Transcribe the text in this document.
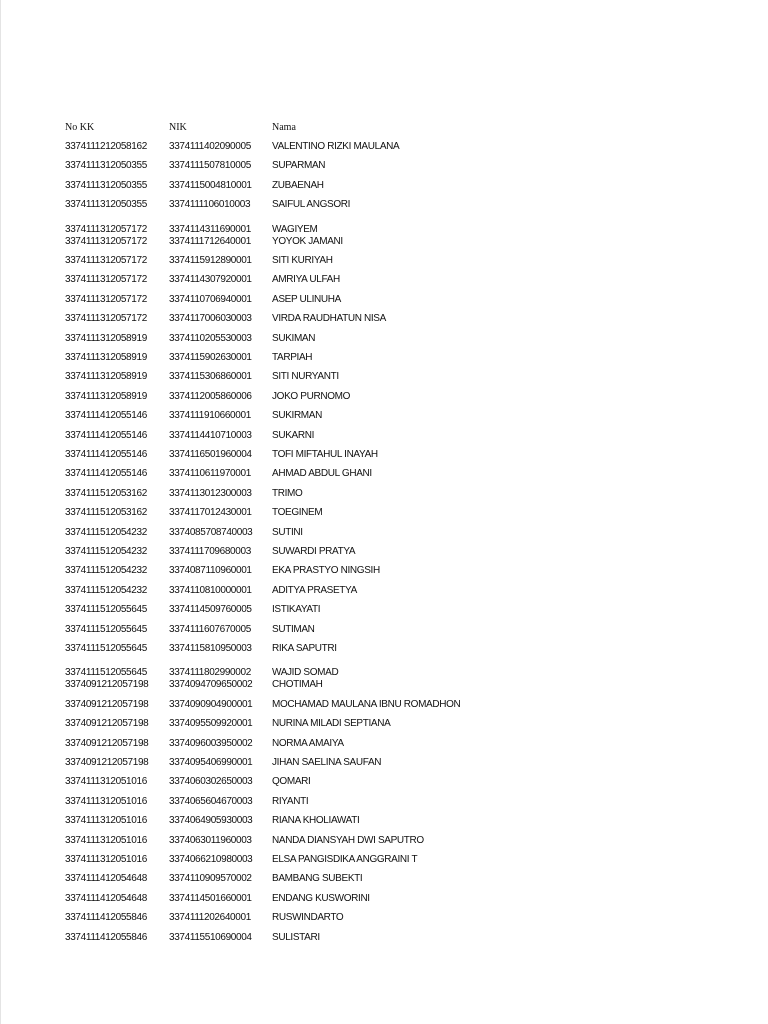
No KK	NIK	Nama
3374111212058162 3374111402090005 VALENTINO RIZKI MAULANA
3374111312050355 3374111507810005 SUPARMAN
3374111312050355 3374115004810001 ZUBAENAH
3374111312050355 3374111106010003 SAIFUL ANGSORI
3374111312057172 3374114311690001 WAGIYEM
3374111312057172 3374111712640001 YOYOK JAMANI
3374111312057172 3374115912890001 SITI KURIYAH
3374111312057172 3374114307920001 AMRIYA ULFAH
3374111312057172 3374110706940001 ASEP ULINUHA
3374111312057172 3374117006030003 VIRDA RAUDHATUN NISA
3374111312058919 3374110205530003 SUKIMAN
3374111312058919 3374115902630001 TARPIAH
3374111312058919 3374115306860001 SITI NURYANTI
3374111312058919 3374112005860006 JOKO PURNOMO
3374111412055146 3374111910660001 SUKIRMAN
3374111412055146 3374114410710003 SUKARNI
3374111412055146 3374116501960004 TOFI MIFTAHUL INAYAH
3374111412055146 3374110611970001 AHMAD ABDUL GHANI
3374111512053162 3374113012300003 TRIMO
3374111512053162 3374117012430001 TOEGINEM
3374111512054232 3374085708740003 SUTINI
3374111512054232 3374111709680003 SUWARDI PRATYA
3374111512054232 3374087110960001 EKA PRASTYO NINGSIH
3374111512054232 3374110810000001 ADITYA PRASETYA
3374111512055645 3374114509760005 ISTIKAYATI
3374111512055645 3374111607670005 SUTIMAN
3374111512055645 3374115810950003 RIKA SAPUTRI
3374111512055645 3374111802990002 WAJID SOMAD
3374091212057198 3374094709650002 CHOTIMAH
3374091212057198 3374090904900001 MOCHAMAD MAULANA IBNU ROMADHON
3374091212057198 3374095509920001 NURINA MILADI SEPTIANA
3374091212057198 3374096003950002 NORMA AMAIYA
3374091212057198 3374095406990001 JIHAN SAELINA SAUFAN
3374111312051016 3374060302650003 QOMARI
3374111312051016 3374065604670003 RIYANTI
3374111312051016 3374064905930003 RIANA KHOLIAWATI
3374111312051016 3374063011960003 NANDA DIANSYAH DWI SAPUTRO
3374111312051016 3374066210980003 ELSA PANGISDIKA ANGGRAINI T
3374111412054648 3374110909570002 BAMBANG SUBEKTI
3374111412054648 3374114501660001 ENDANG KUSWORINI
3374111412055846 3374111202640001 RUSWINDARTO
3374111412055846 3374115510690004 SULISTARI
